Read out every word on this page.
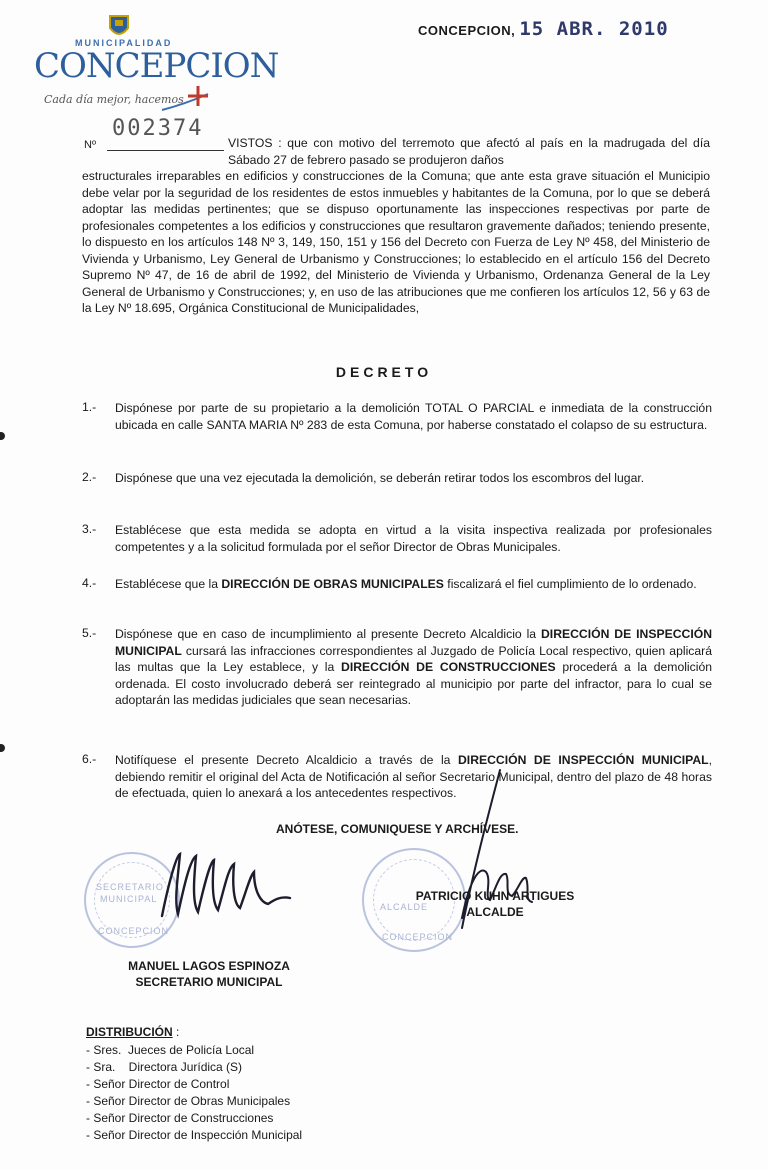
CONCEPCION, 15 ABR. 2010
MUNICIPALIDAD
CONCEPCION
Cada día mejor, hacemos
002374
Nº	VISTOS : que con motivo del terremoto que afectó al país en la madrugada del día Sábado 27 de febrero pasado se produjeron daños
estructurales irreparables en edificios y construcciones de la Comuna; que ante esta grave situación el Municipio debe velar por la seguridad de los residentes de estos inmuebles y habitantes de la Comuna, por lo que se deberá adoptar las medidas pertinentes; que se dispuso oportunamente las inspecciones respectivas por parte de profesionales competentes a los edificios y construcciones que resultaron gravemente dañados; teniendo presente, lo dispuesto en los artículos 148 Nº 3, 149, 150, 151 y 156 del Decreto con Fuerza de Ley Nº 458, del Ministerio de Vivienda y Urbanismo, Ley General de Urbanismo y Construcciones; lo establecido en el artículo 156 del Decreto Supremo Nº 47, de 16 de abril de 1992, del Ministerio de Vivienda y Urbanismo, Ordenanza General de la Ley General de Urbanismo y Construcciones; y, en uso de las atribuciones que me confieren los artículos 12, 56 y 63 de la Ley Nº 18.695, Orgánica Constitucional de Municipalidades,
DECRETO
1.- Dispónese por parte de su propietario a la demolición TOTAL O PARCIAL e inmediata de la construcción ubicada en calle SANTA MARIA Nº 283 de esta Comuna, por haberse constatado el colapso de su estructura.
2.- Dispónese que una vez ejecutada la demolición, se deberán retirar todos los escombros del lugar.
3.- Establécese que esta medida se adopta en virtud a la visita inspectiva realizada por profesionales competentes y a la solicitud formulada por el señor Director de Obras Municipales.
4.- Establécese que la DIRECCIÓN DE OBRAS MUNICIPALES fiscalizará el fiel cumplimiento de lo ordenado.
5.- Dispónese que en caso de incumplimiento al presente Decreto Alcaldicio la DIRECCIÓN DE INSPECCIÓN MUNICIPAL cursará las infracciones correspondientes al Juzgado de Policía Local respectivo, quien aplicará las multas que la Ley establece, y la DIRECCIÓN DE CONSTRUCCIONES procederá a la demolición ordenada. El costo involucrado deberá ser reintegrado al municipio por parte del infractor, para lo cual se adoptarán las medidas judiciales que sean necesarias.
6.- Notifíquese el presente Decreto Alcaldicio a través de la DIRECCIÓN DE INSPECCIÓN MUNICIPAL, debiendo remitir el original del Acta de Notificación al señor Secretario Municipal, dentro del plazo de 48 horas de efectuada, quien lo anexará a los antecedentes respectivos.
ANÓTESE, COMUNIQUESE Y ARCHÍVESE.
SECRETARIO
MUNICIPAL
CONCEPCION
ALCALDE
CONCEPCION
PATRICIO KUHN ARTIGUES
ALCALDE
MANUEL LAGOS ESPINOZA
SECRETARIO MUNICIPAL
DISTRIBUCIÓN :
- Sres.  Jueces de Policía Local
- Sra.    Directora Jurídica (S)
- Señor Director de Control
- Señor Director de Obras Municipales
- Señor Director de Construcciones
- Señor Director de Inspección Municipal
